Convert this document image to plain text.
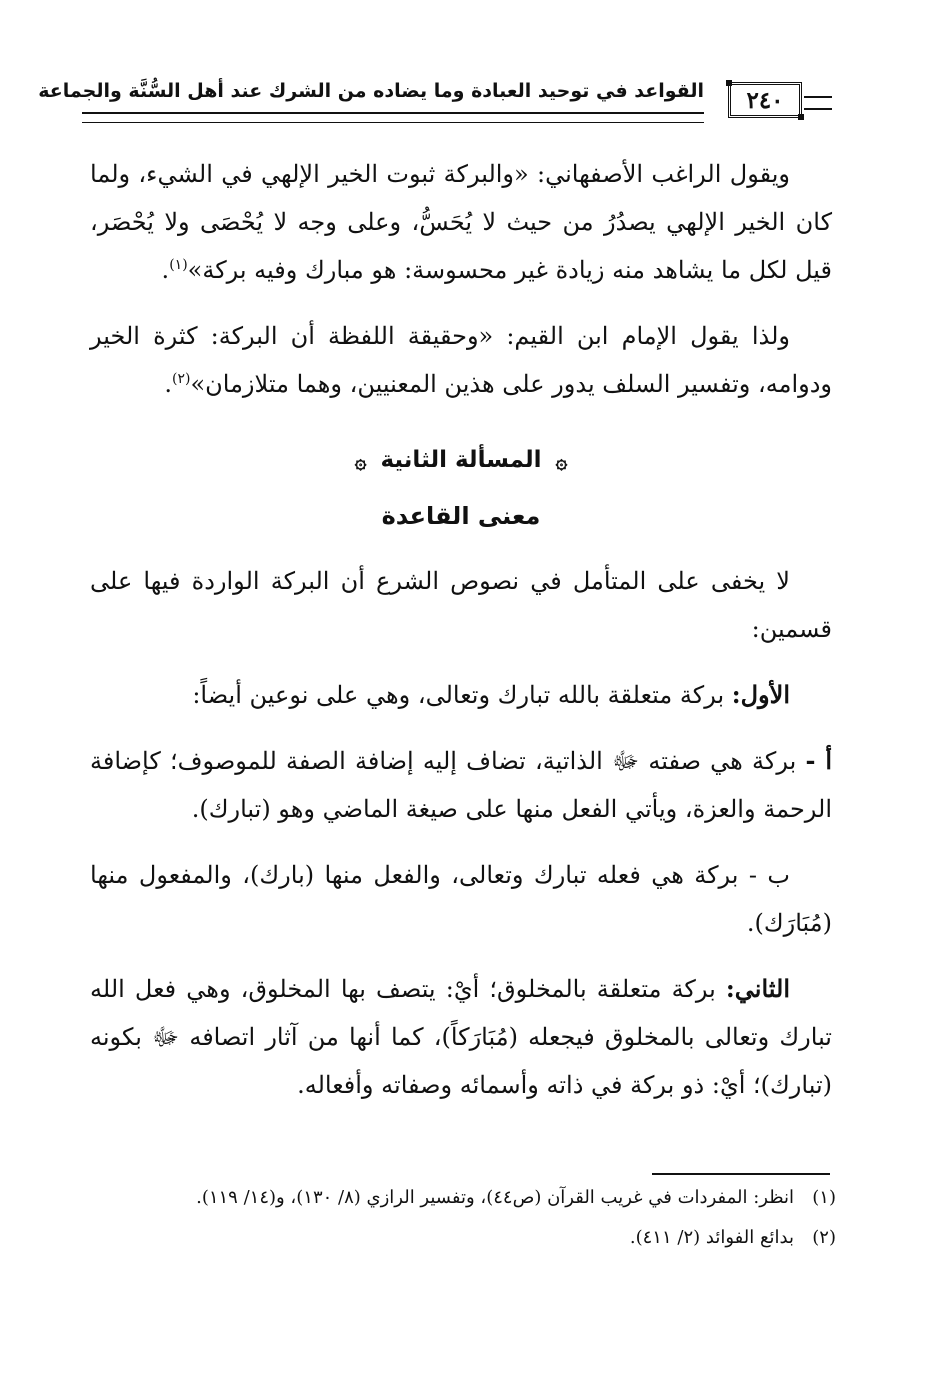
٢٤٠
القواعد في توحيد العبادة وما يضاده من الشرك عند أهل السُّنَّة والجماعة

ويقول الراغب الأصفهاني: «والبركة ثبوت الخير الإلهي في الشيء، ولما كان الخير الإلهي يصدُرُ من حيث لا يُحَسُّ، وعلى وجه لا يُحْصَى ولا يُحْصَر، قيل لكل ما يشاهد منه زيادة غير محسوسة: هو مبارك وفيه بركة»$^{(١)}$.

ولذا يقول الإمام ابن القيم: «وحقيقة اللفظة أن البركة: كثرة الخير ودوامه، وتفسير السلف يدور على هذين المعنيين، وهما متلازمان»$^{(٢)}$.

۞ المسألة الثانية ۞
معنى القاعدة

لا يخفى على المتأمل في نصوص الشرع أن البركة الواردة فيها على قسمين:

الأول: بركة متعلقة بالله تبارك وتعالى، وهي على نوعين أيضاً:

أ - بركة هي صفته ﷻ الذاتية، تضاف إليه إضافة الصفة للموصوف؛ كإضافة الرحمة والعزة، ويأتي الفعل منها على صيغة الماضي وهو (تبارك).

ب - بركة هي فعله تبارك وتعالى، والفعل منها (بارك)، والمفعول منها (مُبَارَك).

الثاني: بركة متعلقة بالمخلوق؛ أيْ: يتصف بها المخلوق، وهي فعل الله تبارك وتعالى بالمخلوق فيجعله (مُبَارَكاً)، كما أنها من آثار اتصافه ﷻ بكونه (تبارك)؛ أيْ: ذو بركة في ذاته وأسمائه وصفاته وأفعاله.

(١)
انظر: المفردات في غريب القرآن (ص٤٤)، وتفسير الرازي (٨/ ١٣٠)، و(١٤/ ١١٩).
(٢)
بدائع الفوائد (٢/ ٤١١).
